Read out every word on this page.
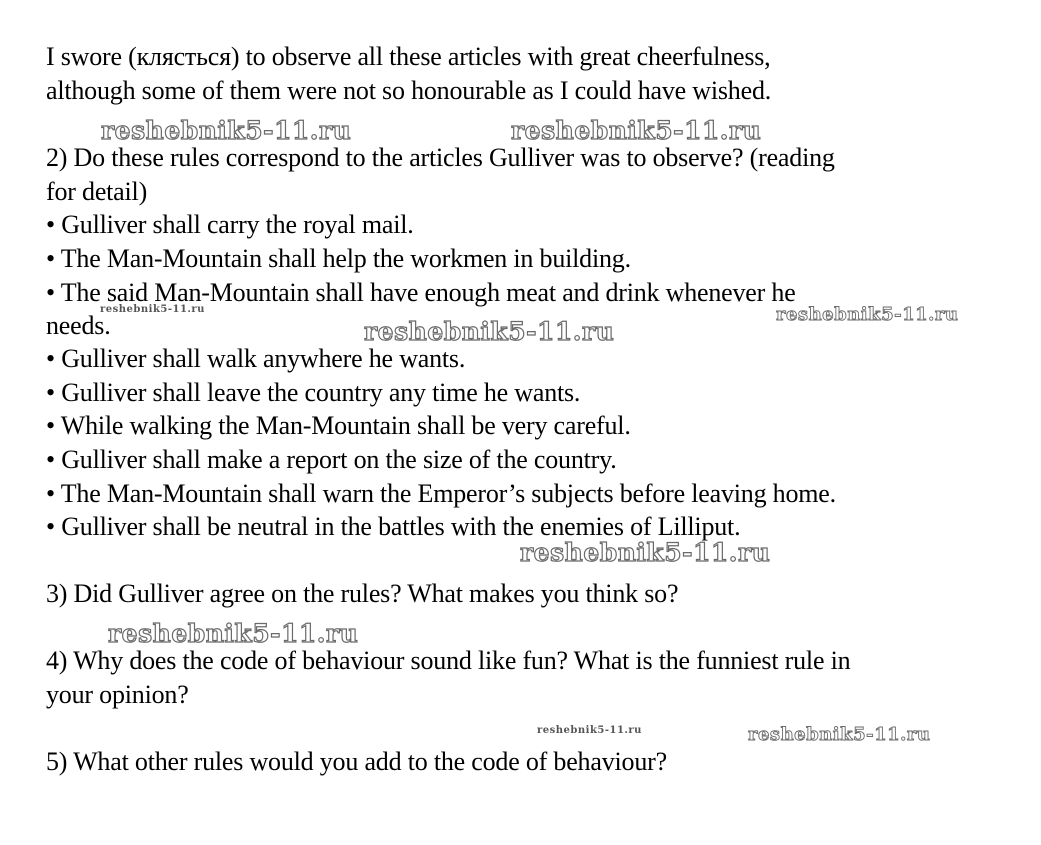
I swore (клясться) to observe all these articles with great cheerfulness,
although some of them were not so honourable as I could have wished.
reshebnik5-11.ru	reshebnik5-11.ru
2) Do these rules correspond to the articles Gulliver was to observe? (reading
for detail)
• Gulliver shall carry the royal mail.
• The Man-Mountain shall help the workmen in building.
• The said Man-Mountain shall have enough meat and drink whenever he
needs.
reshebnik5-11.ru
reshebnik5-11.ru
reshebnik5-11.ru
• Gulliver shall walk anywhere he wants.
• Gulliver shall leave the country any time he wants.
• While walking the Man-Mountain shall be very careful.
• Gulliver shall make a report on the size of the country.
• The Man-Mountain shall warn the Emperor’s subjects before leaving home.
• Gulliver shall be neutral in the battles with the enemies of Lilliput.
reshebnik5-11.ru
3) Did Gulliver agree on the rules? What makes you think so?
reshebnik5-11.ru
4) Why does the code of behaviour sound like fun? What is the funniest rule in
your opinion?
reshebnik5-11.ru	reshebnik5-11.ru
5) What other rules would you add to the code of behaviour?
